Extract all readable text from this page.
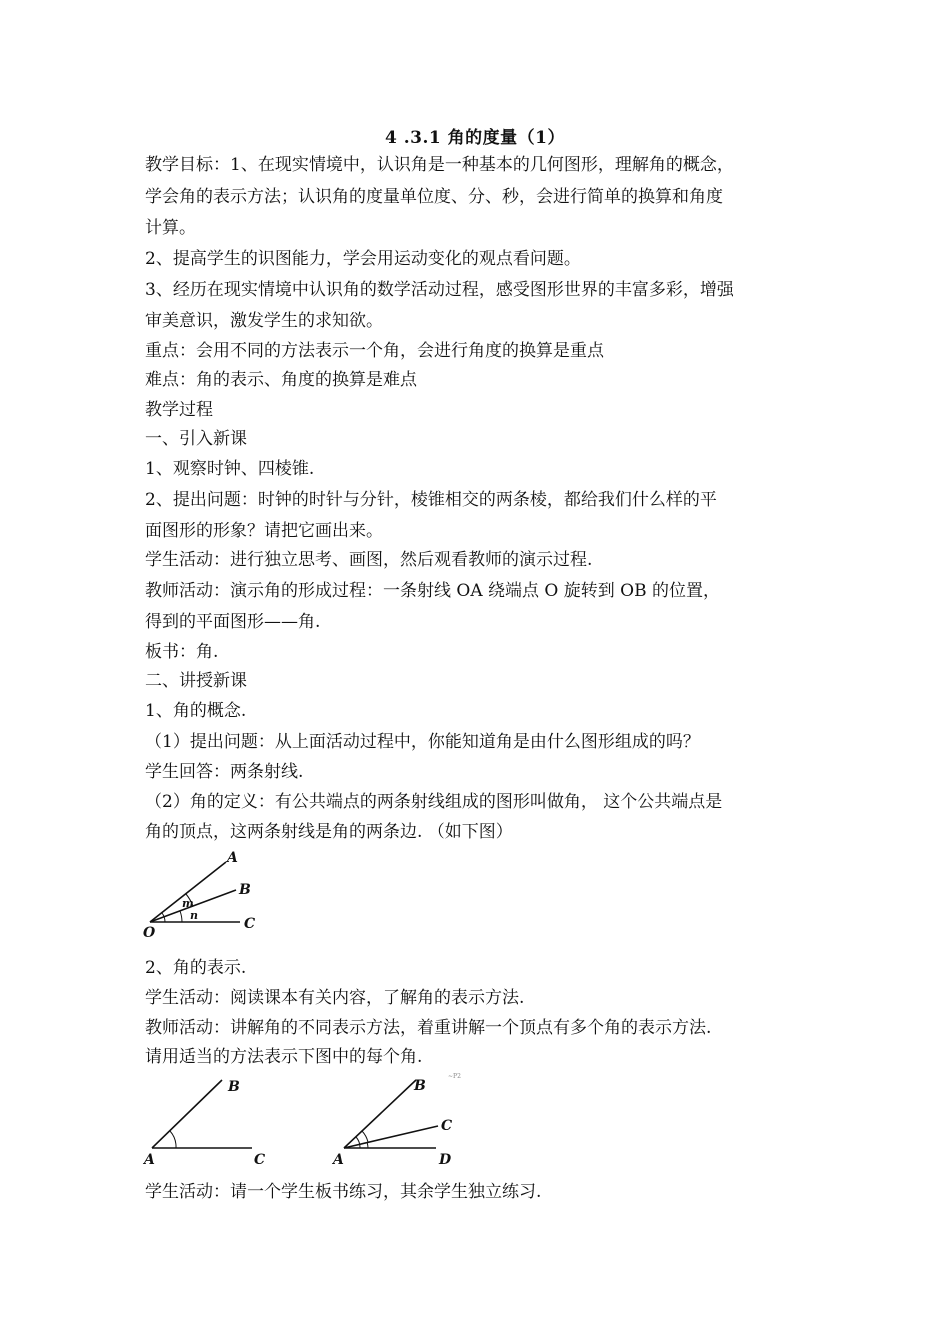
4 .3.1 角的度量（1）
教学目标：1、在现实情境中，认识角是一种基本的几何图形，理解角的概念，
学会角的表示方法；认识角的度量单位度、分、秒，会进行简单的换算和角度
计算。
2、提高学生的识图能力，学会用运动变化的观点看问题。
3、经历在现实情境中认识角的数学活动过程，感受图形世界的丰富多彩，增强
审美意识，激发学生的求知欲。
重点：会用不同的方法表示一个角，会进行角度的换算是重点
难点：角的表示、角度的换算是难点
教学过程
一、引入新课
1、观察时钟、四棱锥.
2、提出问题：时钟的时针与分针，棱锥相交的两条棱，都给我们什么样的平
面图形的形象？请把它画出来。
学生活动：进行独立思考、画图，然后观看教师的演示过程.
教师活动：演示角的形成过程：一条射线 OA 绕端点 O 旋转到 OB 的位置，
得到的平面图形——角.
板书：角.
二、讲授新课
1、角的概念.
（1）提出问题：从上面活动过程中，你能知道角是由什么图形组成的吗？
学生回答：两条射线.
（2）角的定义：有公共端点的两条射线组成的图形叫做角， 这个公共端点是
角的顶点，这两条射线是角的两条边. （如下图）
O
A
B
C
m
n
2、角的表示.
学生活动：阅读课本有关内容，了解角的表示方法.
教师活动：讲解角的不同表示方法，着重讲解一个顶点有多个角的表示方法.
请用适当的方法表示下图中的每个角.
A
B
C	A
B
C
D
~P2
学生活动：请一个学生板书练习，其余学生独立练习.
